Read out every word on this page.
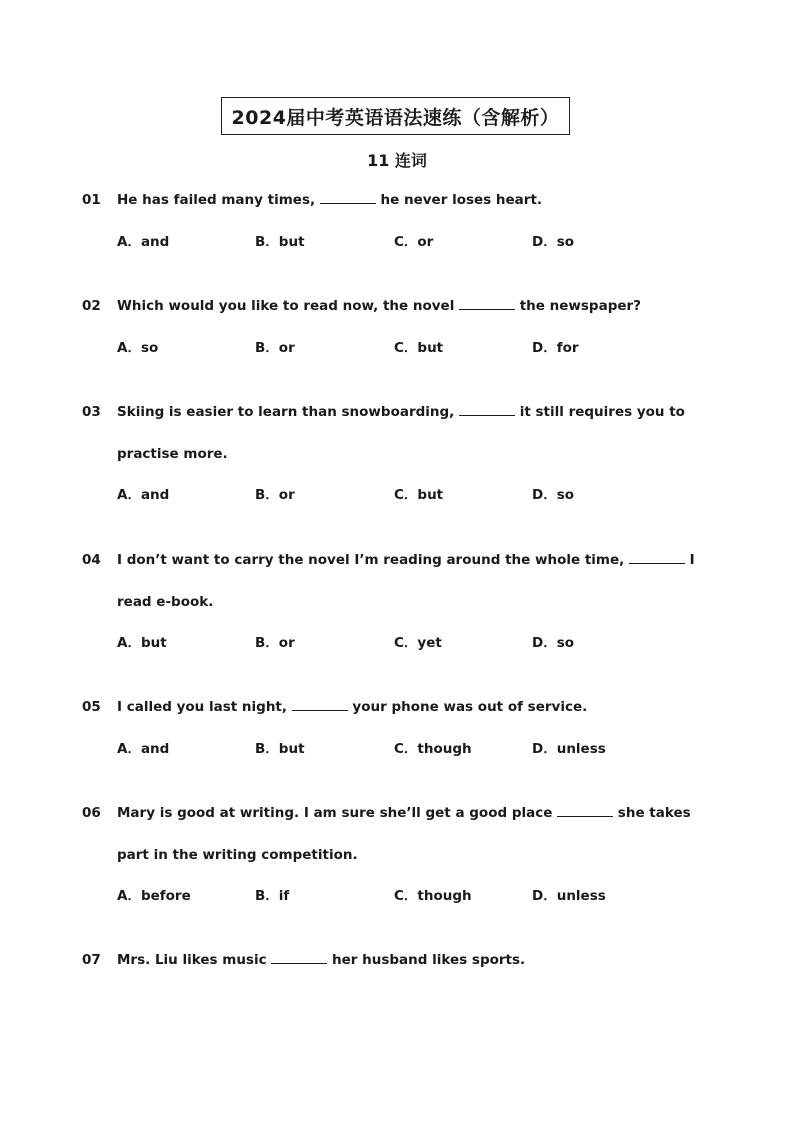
2024届中考英语语法速练（含解析）
11 连词
01 He has failed many times,	he never loses heart.
A．and	B．but	C．or	D．so
02 Which would you like to read now, the novel	the newspaper?
A．so	B．or	C．but	D．for
03 Skiing is easier to learn than snowboarding,	it still requires you to practise more.
A．and	B．or	C．but	D．so
04 I don’t want to carry the novel I’m reading around the whole time,	I read e-book.
A．but	B．or	C．yet	D．so
05 I called you last night,	your phone was out of service.
A．and	B．but	C．though	D．unless
06 Mary is good at writing. I am sure she’ll get a good place	she takes part in the writing competition.
A．before	B．if	C．though	D．unless
07 Mrs. Liu likes music	her husband likes sports.
